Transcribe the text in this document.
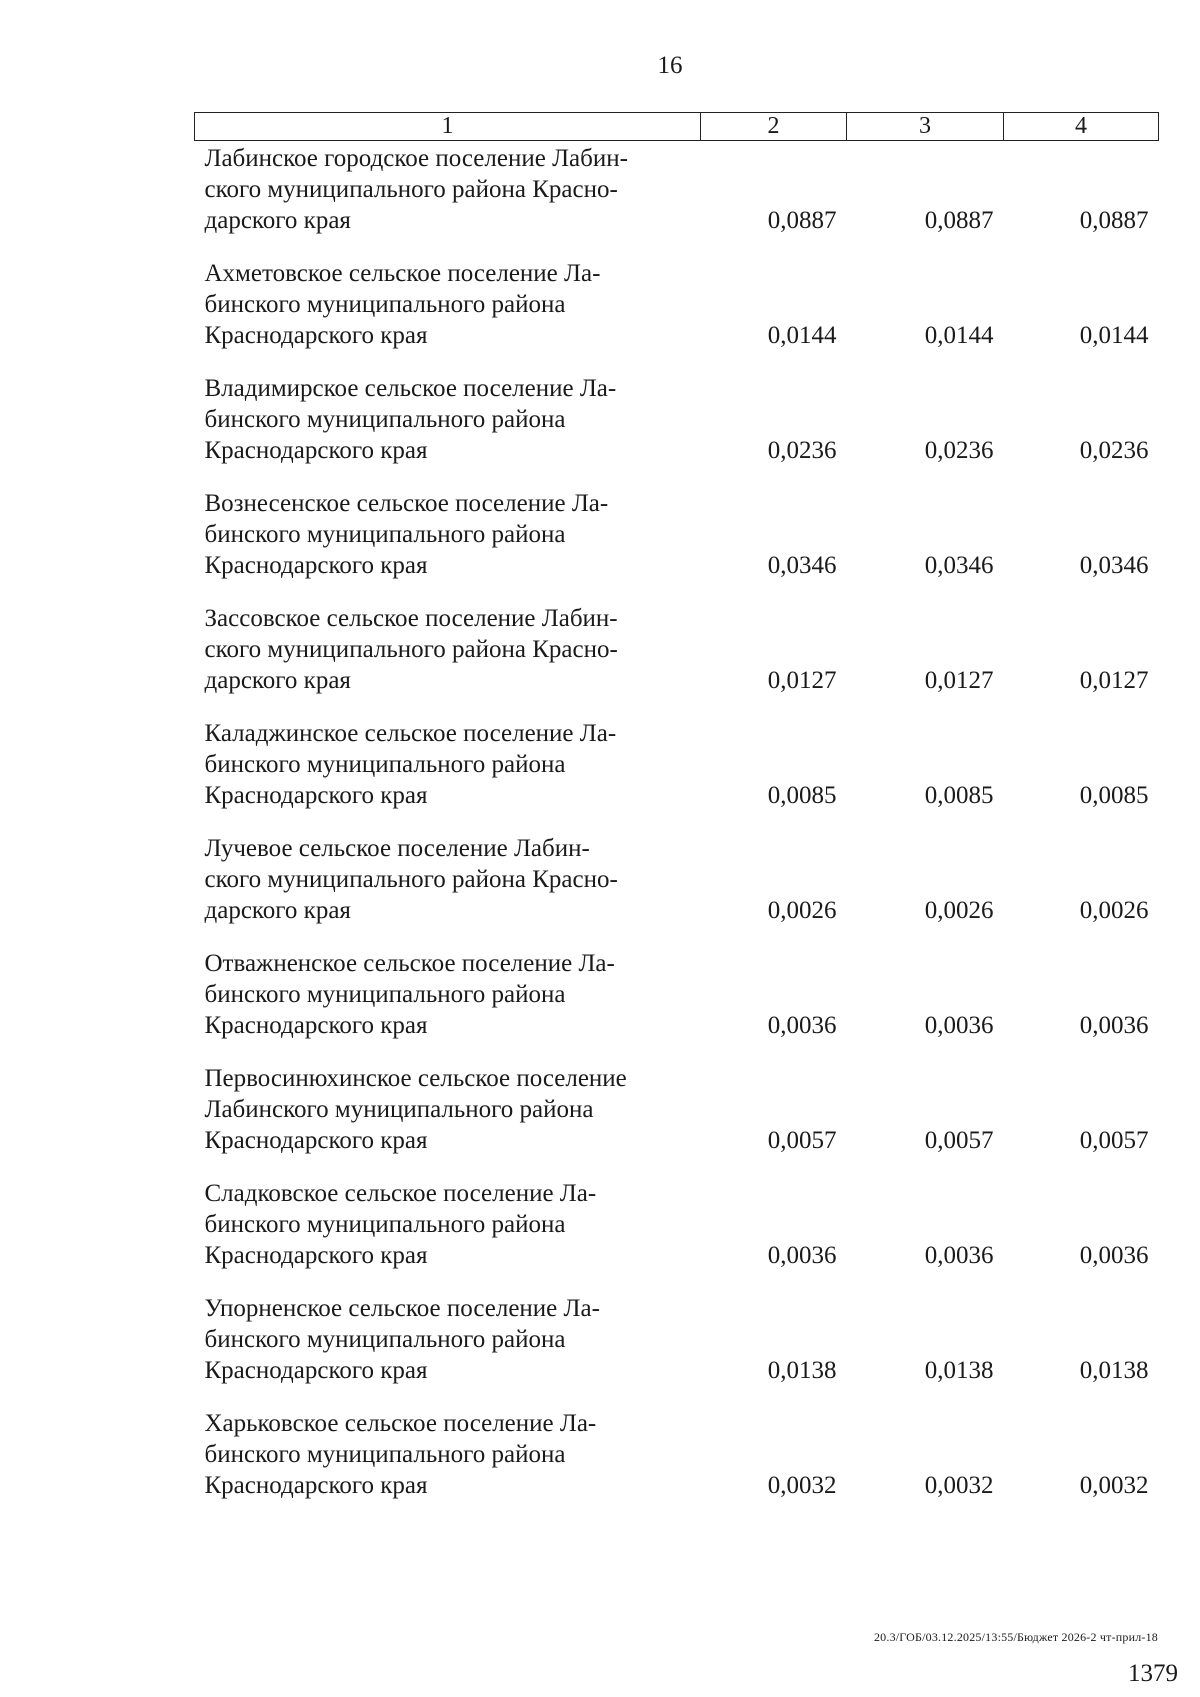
16
1	2	3	4
Лабинское городское поселение Лабин-
ского муниципального района Красно-
дарского края	0,0887	0,0887	0,0887
Ахметовское сельское поселение Ла-
бинского муниципального района
Краснодарского края	0,0144	0,0144	0,0144
Владимирское сельское поселение Ла-
бинского муниципального района
Краснодарского края	0,0236	0,0236	0,0236
Вознесенское сельское поселение Ла-
бинского муниципального района
Краснодарского края	0,0346	0,0346	0,0346
Зассовское сельское поселение Лабин-
ского муниципального района Красно-
дарского края	0,0127	0,0127	0,0127
Каладжинское сельское поселение Ла-
бинского муниципального района
Краснодарского края	0,0085	0,0085	0,0085
Лучевое сельское поселение Лабин-
ского муниципального района Красно-
дарского края	0,0026	0,0026	0,0026
Отважненское сельское поселение Ла-
бинского муниципального района
Краснодарского края	0,0036	0,0036	0,0036
Первосинюхинское сельское поселение
Лабинского муниципального района
Краснодарского края	0,0057	0,0057	0,0057
Сладковское сельское поселение Ла-
бинского муниципального района
Краснодарского края	0,0036	0,0036	0,0036
Упорненское сельское поселение Ла-
бинского муниципального района
Краснодарского края	0,0138	0,0138	0,0138
Харьковское сельское поселение Ла-
бинского муниципального района
Краснодарского края	0,0032	0,0032	0,0032
20.3/ГОБ/03.12.2025/13:55/Бюджет 2026-2 чт-прил-18
1379
